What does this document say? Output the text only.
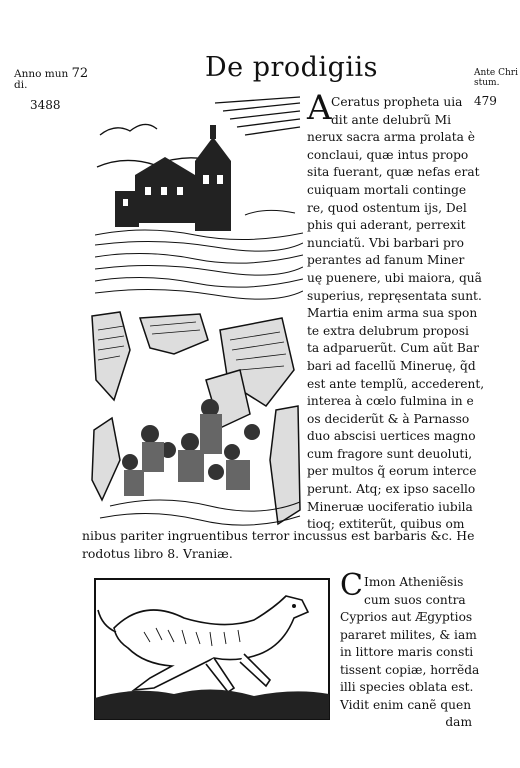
Anno mun 72
di.
3488
De prodigiis	Ante Chri
stum.
479
A Ceratus propheta uia
dit ante delubrũ Mi
nerux sacra arma prolata è
conclaui, quæ intus propo
sita fuerant, quæ nefas erat
cuiquam mortali continge
re, quod ostentum ijs, Del
phis qui aderant, perrexit
nunciatũ. Vbi barbari pro
perantes ad fanum Miner
uę puenere, ubi maiora, quã
superius, repręsentata sunt.
Martia enim arma sua spon
te extra delubrum proposi
ta adparuerũt. Cum aũt Bar
bari ad facellũ Mineruę, q̃d
est ante templũ, accederent,
interea à cœlo fulmina in e
os deciderũt & à Parnasso
duo abscisi uertices magno
cum fragore sunt deuoluti,
per multos q̃ eorum interce
perunt. Atq; ex ipso sacello
Mineruæ uociferatio iubila
tioq; extiterũt, quibus om
nibus pariter ingruentibus terror incussus est barbaris &c. He
rodotus libro 8. Vraniæ.
C Imon Atheniẽsis
cum suos contra
Cyprios aut Ægyptios
pararet milites, & iam
in littore maris consti
tissent copiæ, horrẽda
illi species oblata est.
Vidit enim canẽ quen
dam
